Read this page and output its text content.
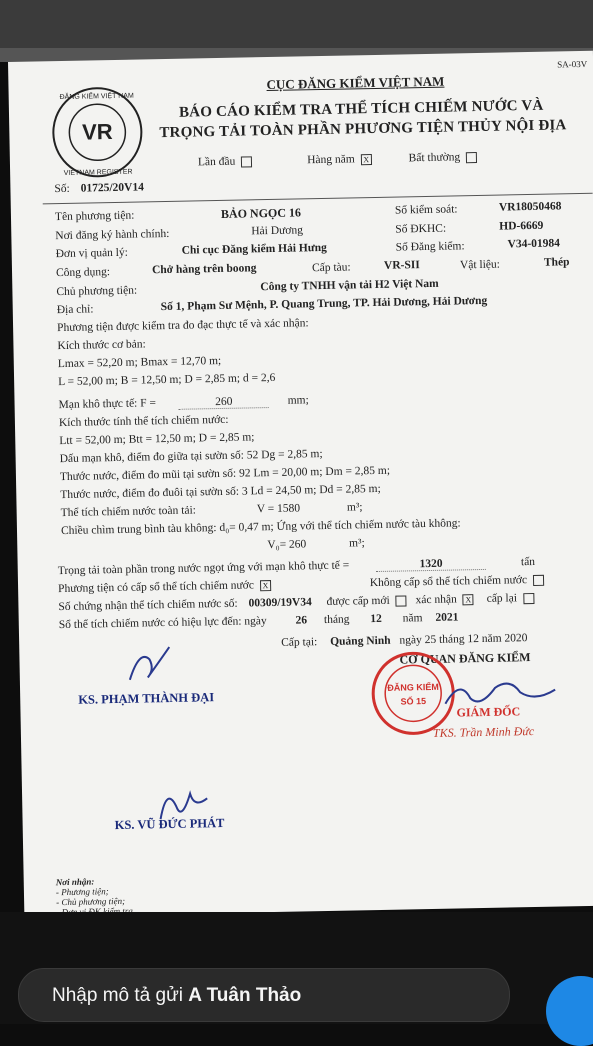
SA-03V
VR
ĐĂNG KIỂM VIỆT NAM
VIETNAM REGISTER
CỤC ĐĂNG KIỂM VIỆT NAM
BÁO CÁO KIỂM TRA THỂ TÍCH CHIẾM NƯỚC VÀ
TRỌNG TẢI TOÀN PHẦN PHƯƠNG TIỆN THỦY NỘI ĐỊA
Lần đầu	Hàng năm X	Bất thường
Số: 01725/20V14
Tên phương tiện:	BẢO NGỌC 16	Số kiểm soát:	VR18050468
Nơi đăng ký hành chính:	Hải Dương	Số ĐKHC:	HD-6669
Đơn vị quản lý:	Chi cục Đăng kiểm Hải Hưng	Số Đăng kiểm:	V34-01984
Công dụng:	Chở hàng trên boong	Cấp tàu:	VR-SII	Vật liệu:	Thép
Chủ phương tiện:	Công ty TNHH vận tải H2 Việt Nam
Địa chỉ:	Số 1, Phạm Sư Mệnh, P. Quang Trung, TP. Hải Dương, Hải Dương
Phương tiện được kiểm tra đo đạc thực tế và xác nhận:
Kích thước cơ bản:
Lmax = 52,20 m; Bmax = 12,70 m;
L = 52,00 m; B = 12,50 m; D = 2,85 m; d = 2,6
Mạn khô thực tế: F =	260	mm;
Kích thước tính thể tích chiếm nước:
Ltt = 52,00 m; Btt = 12,50 m; D = 2,85 m;
Dấu mạn khô, điểm đo giữa tại sườn số: 52 Dg = 2,85 m;
Thước nước, điểm đo mũi tại sườn số: 92 Lm = 20,00 m; Dm = 2,85 m;
Thước nước, điểm đo đuôi tại sườn số: 3 Ld = 24,50 m; Dd = 2,85 m;
Thể tích chiếm nước toàn tải:	V = 1580	m³;
Chiều chìm trung bình tàu không: d₀= 0,47 m; Ứng với thể tích chiếm nước tàu không:
V₀= 260	m³;
Trọng tải toàn phần trong nước ngọt ứng với mạn khô thực tế =	1320	tấn
Phương tiện có cấp sổ thể tích chiếm nước X	Không cấp sổ thể tích chiếm nước
Số chứng nhận thể tích chiếm nước số: 00309/19V34 được cấp mới xác nhận X cấp lại
Sổ thể tích chiếm nước có hiệu lực đến: ngày 26 tháng 12 năm 2021
Cấp tại: Quảng Ninh ngày 25 tháng 12 năm 2020
CƠ QUAN ĐĂNG KIỂM
ĐĂNG KIỂM
SỐ 15
GIÁM ĐỐC
TKS. Trần Minh Đức
KS. PHẠM THÀNH ĐẠI
KS. VŨ ĐỨC PHÁT
Nơi nhận:
- Phương tiện;
- Chủ phương tiện;
Nhập mô tả gửi A Tuân Thảo
